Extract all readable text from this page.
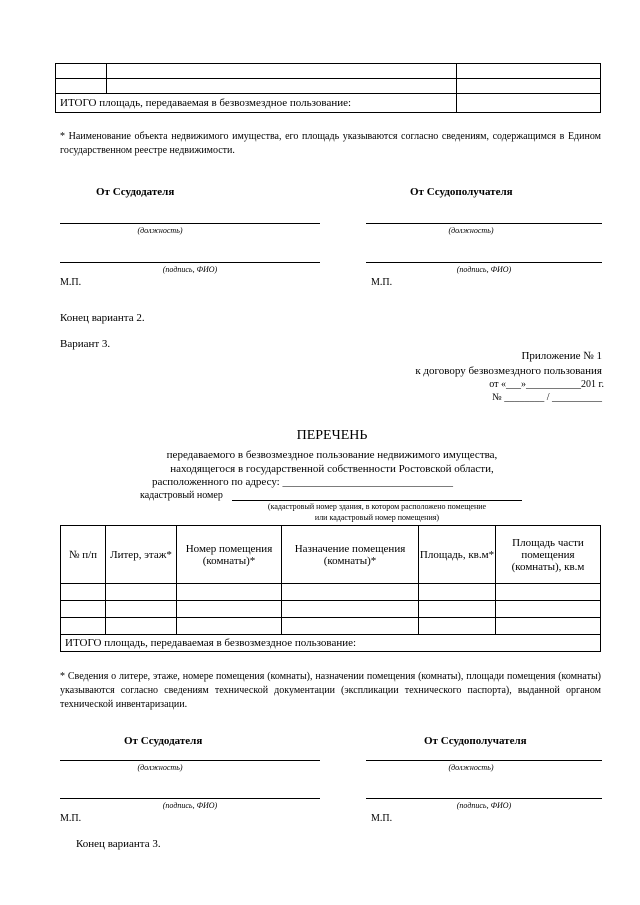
ИТОГО площадь, передаваемая в безвозмездное пользование:		
* Наименование объекта недвижимого имущества, его площадь указываются согласно сведениям, содержащимся в Едином государственном реестре недвижимости.
От Ссудодателя	От Ссудополучателя
(должность)	(должность)
(подпись, ФИО)	(подпись, ФИО)
М.П.	М.П.
Конец варианта 2.
Вариант 3.
Приложение № 1
к договору безвозмездного пользования
от «___»___________201 г.
№ ________ / __________
ПЕРЕЧЕНЬ
передаваемого в безвозмездное пользование недвижимого имущества,
находящегося в государственной собственности Ростовской области,
расположенного по адресу: _______________________________
кадастровый номер
(кадастровый номер здания, в котором расположено помещение
или кадастровый номер помещения)
№ п/п	Литер, этаж*	Номер помещения (комнаты)*	Назначение помещения (комнаты)*	Площадь, кв.м*	Площадь части помещения (комнаты), кв.м

ИТОГО площадь, передаваемая в безвозмездное пользование:					
* Сведения о литере, этаже, номере помещения (комнаты), назначении помещения (комнаты), площади помещения (комнаты) указываются согласно сведениям технической документации (экспликации технического паспорта), выданной органом технической инвентаризации.
От Ссудодателя	От Ссудополучателя
(должность)	(должность)
(подпись, ФИО)	(подпись, ФИО)
М.П.	М.П.
Конец варианта 3.
